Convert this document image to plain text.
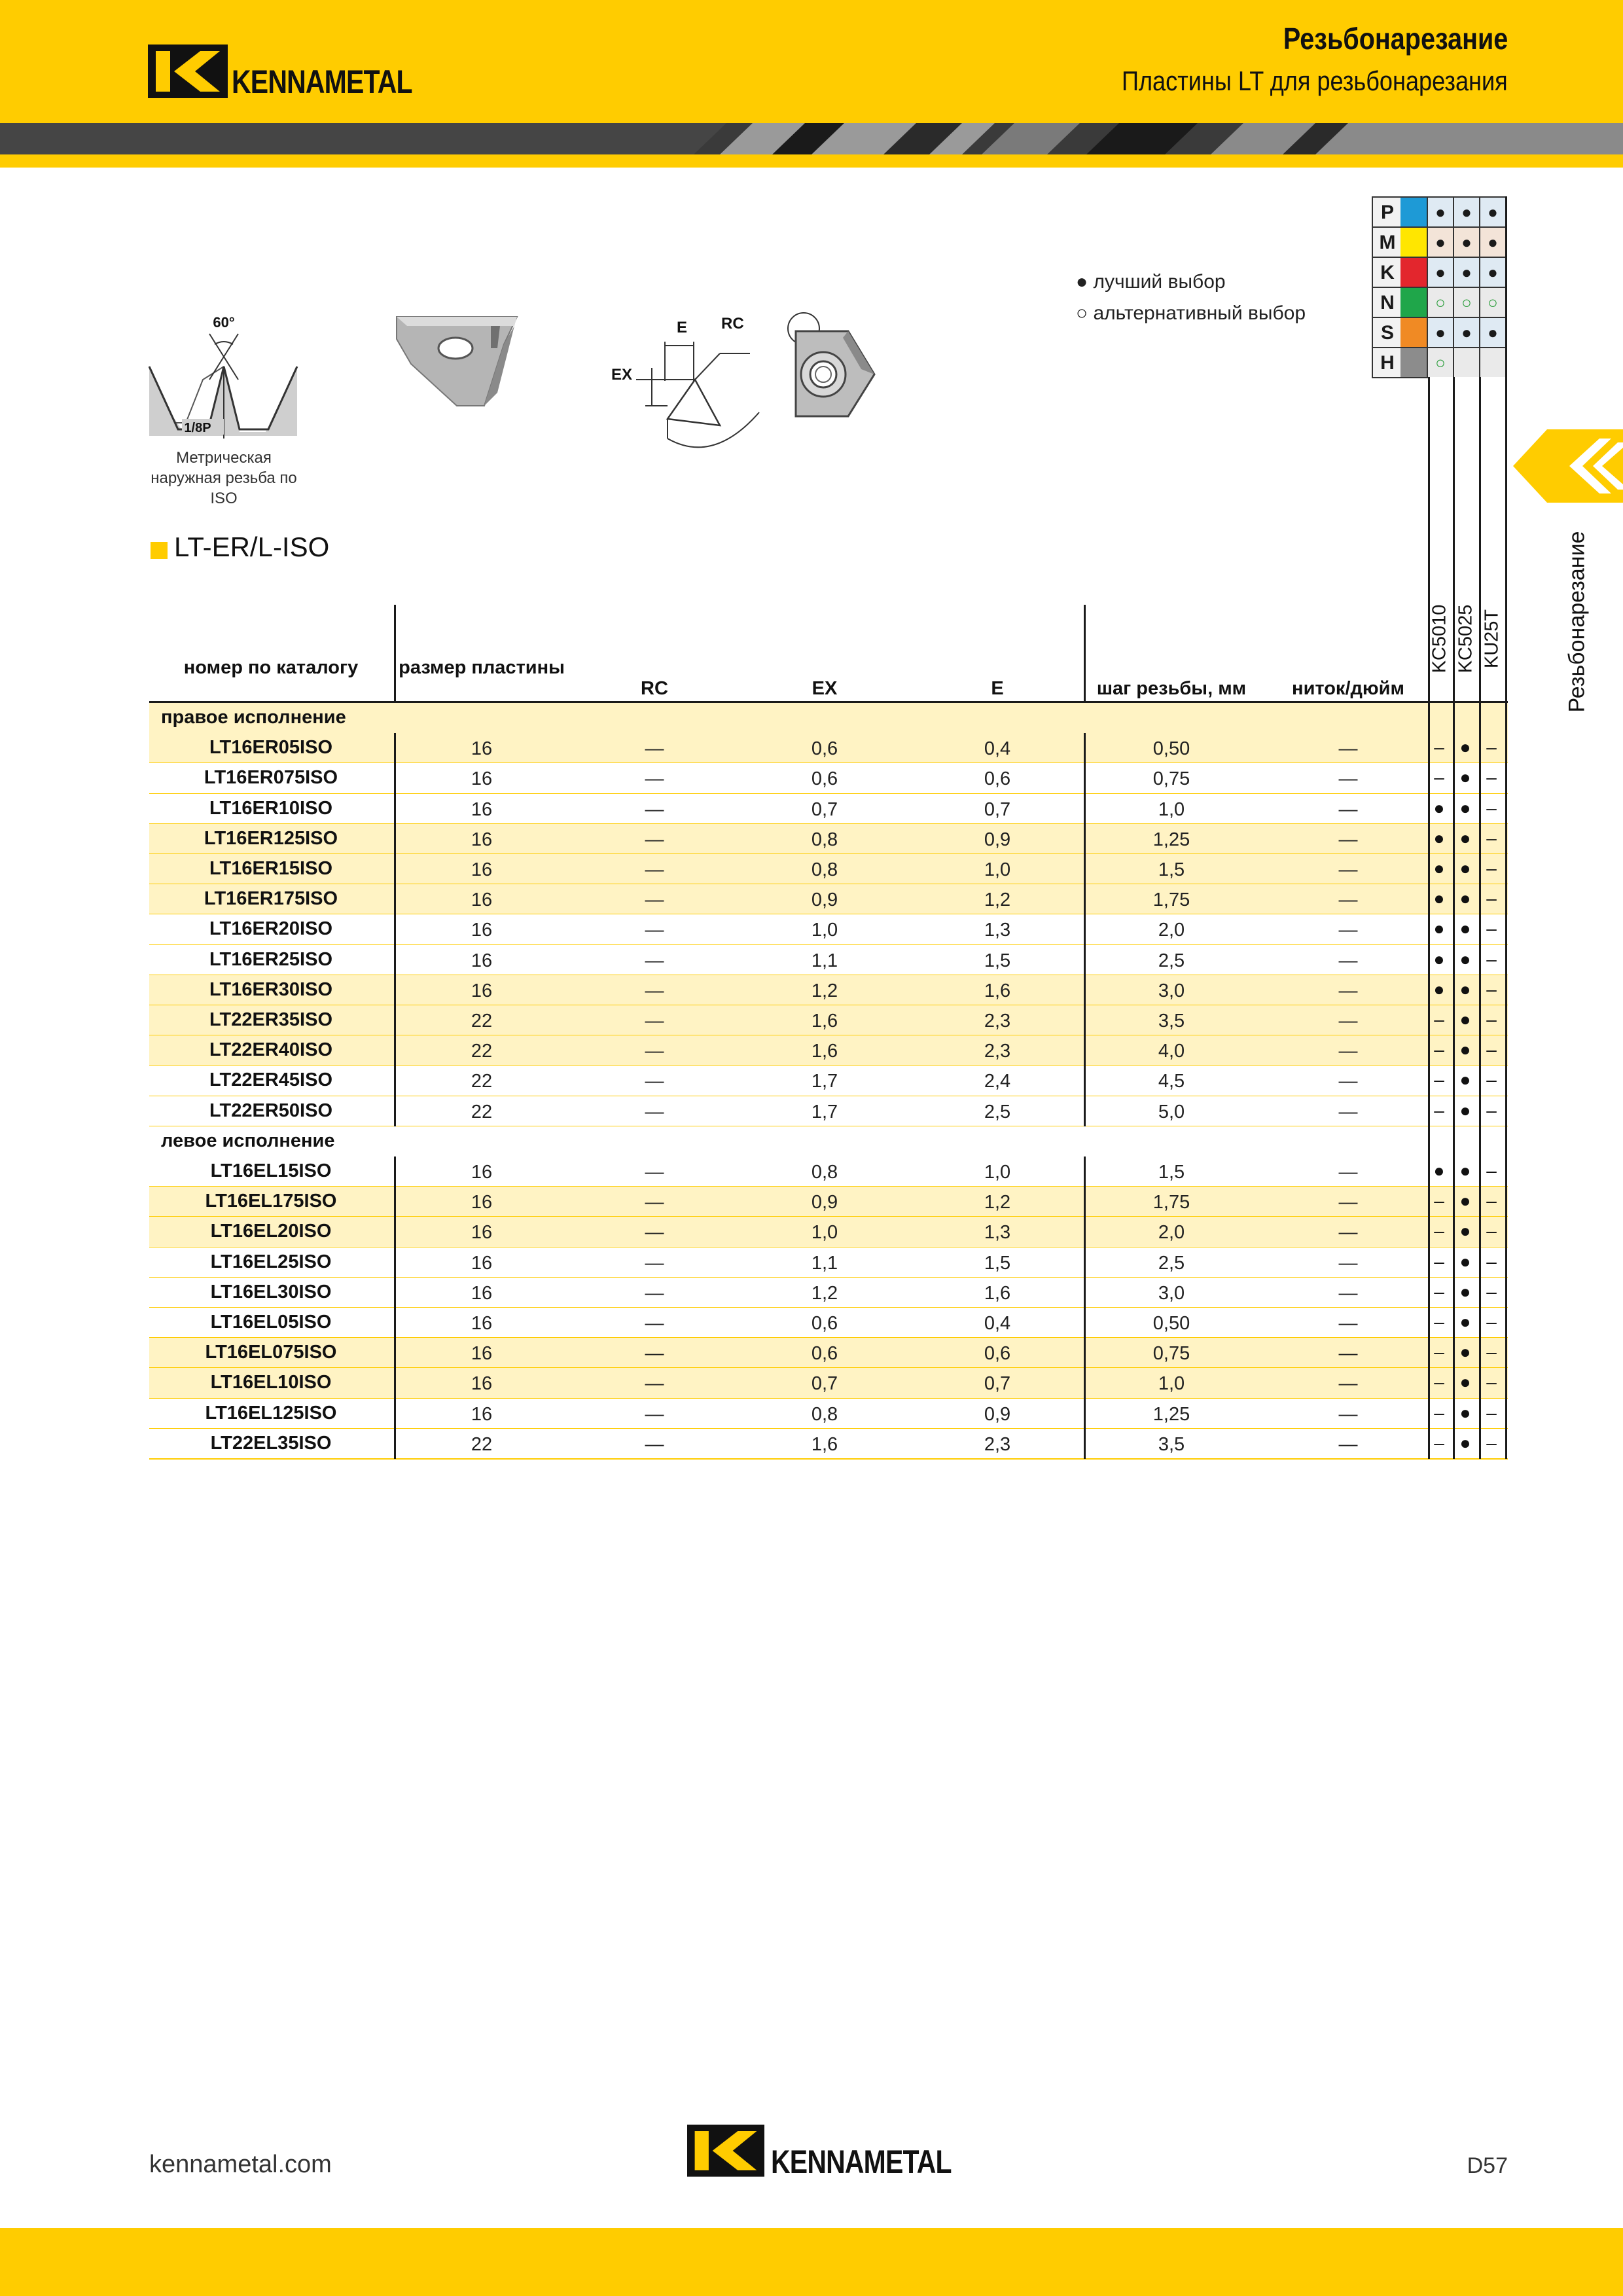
KENNAMETAL
Резьбонарезание
Пластины LT для резьбонарезания
Резьбонарезание
● лучший выбор
○ альтернативный выбор
60°
1/8P
Метрическая наружная резьба по ISO
E RC
EX
LT-ER/L-ISO
номер по каталогу	размер пластины
RC	EX	E	шаг резьбы, мм	ниток/дюйм
правое исполнение
LT16ER05ISO	16	—	0,6	0,4	0,50	—	– ● –
LT16ER075ISO	16	—	0,6	0,6	0,75	—	– ● –
LT16ER10ISO	16	—	0,7	0,7	1,0	—	● ● –
LT16ER125ISO	16	—	0,8	0,9	1,25	—	● ● –
LT16ER15ISO	16	—	0,8	1,0	1,5	—	● ● –
LT16ER175ISO	16	—	0,9	1,2	1,75	—	● ● –
LT16ER20ISO	16	—	1,0	1,3	2,0	—	● ● –
LT16ER25ISO	16	—	1,1	1,5	2,5	—	● ● –
LT16ER30ISO	16	—	1,2	1,6	3,0	—	● ● –
LT22ER35ISO	22	—	1,6	2,3	3,5	—	– ● –
LT22ER40ISO	22	—	1,6	2,3	4,0	—	– ● –
LT22ER45ISO	22	—	1,7	2,4	4,5	—	– ● –
LT22ER50ISO	22	—	1,7	2,5	5,0	—	– ● –
левое исполнение
LT16EL15ISO	16	—	0,8	1,0	1,5	—	● ● –
LT16EL175ISO	16	—	0,9	1,2	1,75	—	– ● –
LT16EL20ISO	16	—	1,0	1,3	2,0	—	– ● –
LT16EL25ISO	16	—	1,1	1,5	2,5	—	– ● –
LT16EL30ISO	16	—	1,2	1,6	3,0	—	– ● –
LT16EL05ISO	16	—	0,6	0,4	0,50	—	– ● –
LT16EL075ISO	16	—	0,6	0,6	0,75	—	– ● –
LT16EL10ISO	16	—	0,7	0,7	1,0	—	– ● –
LT16EL125ISO	16	—	0,8	0,9	1,25	—	– ● –
LT22EL35ISO	22	—	1,6	2,3	3,5	—	– ● –
kennametal.com	KENNAMETAL	D57
P	● ● ●
M	● ● ●
K	● ● ●
N	○ ○ ○
S	● ● ●
H	○
KC5010 KC5025 KU25T
